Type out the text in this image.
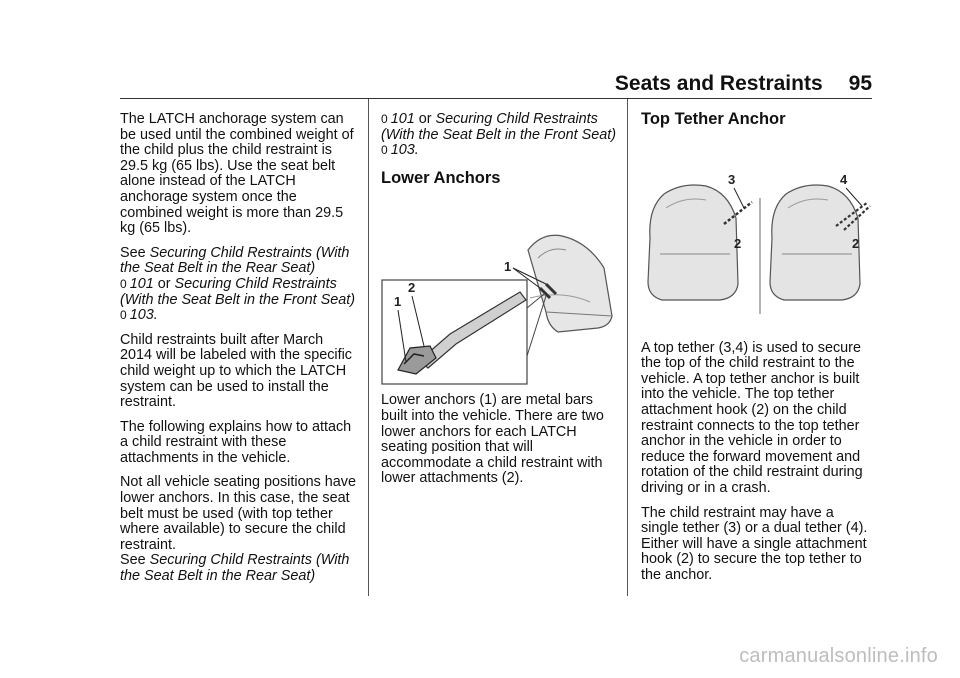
Seats and Restraints 95

The LATCH anchorage system can be used until the combined weight of the child plus the child restraint is 29.5 kg (65 lbs). Use the seat belt alone instead of the LATCH anchorage system once the combined weight is more than 29.5 kg (65 lbs).

See Securing Child Restraints (With the Seat Belt in the Rear Seat)
0 101 or Securing Child Restraints (With the Seat Belt in the Front Seat) 0 103.

Child restraints built after March 2014 will be labeled with the specific child weight up to which the LATCH system can be used to install the restraint.

The following explains how to attach a child restraint with these attachments in the vehicle.

Not all vehicle seating positions have lower anchors. In this case, the seat belt must be used (with top tether where available) to secure the child restraint.
See Securing Child Restraints (With the Seat Belt in the Rear Seat)

0 101 or Securing Child Restraints (With the Seat Belt in the Front Seat) 0 103.

Lower Anchors

Lower anchors (1) are metal bars built into the vehicle. There are two lower anchors for each LATCH seating position that will accommodate a child restraint with lower attachments (2).

1
2
1
Top Tether Anchor

A top tether (3,4) is used to secure the top of the child restraint to the vehicle. A top tether anchor is built into the vehicle. The top tether attachment hook (2) on the child restraint connects to the top tether anchor in the vehicle in order to reduce the forward movement and rotation of the child restraint during driving or in a crash.

The child restraint may have a single tether (3) or a dual tether (4). Either will have a single attachment hook (2) to secure the top tether to the anchor.

3
2
4
2
carmanualsonline.info
